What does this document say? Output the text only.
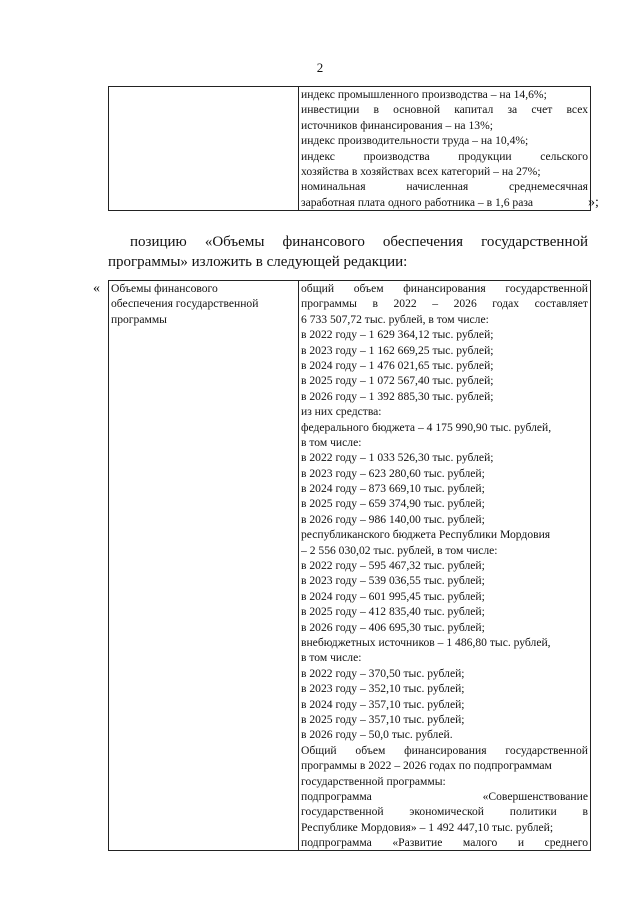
2

индекс промышленного производства – на 14,6%;
инвестиции в основной капитал за счет всех
источников финансирования – на 13%;
индекс производительности труда – на 10,4%;
индекс производства продукции сельского
хозяйства в хозяйствах всех категорий – на 27%;
номинальная начисленная среднемесячная
заработная плата одного работника – в 1,6 раза	»;
позицию «Объемы финансового обеспечения государственной
программы» изложить в следующей редакции:
« Объемы финансового
обеспечения государственной
программы

общий объем финансирования государственной
программы в 2022 – 2026 годах составляет
6 733 507,72 тыс. рублей, в том числе:
в 2022 году – 1 629 364,12 тыс. рублей;
в 2023 году – 1 162 669,25 тыс. рублей;
в 2024 году – 1 476 021,65 тыс. рублей;
в 2025 году – 1 072 567,40 тыс. рублей;
в 2026 году – 1 392 885,30 тыс. рублей;
из них средства:
федерального бюджета – 4 175 990,90 тыс. рублей,
в том числе:
в 2022 году – 1 033 526,30 тыс. рублей;
в 2023 году – 623 280,60 тыс. рублей;
в 2024 году – 873 669,10 тыс. рублей;
в 2025 году – 659 374,90 тыс. рублей;
в 2026 году – 986 140,00 тыс. рублей;
республиканского бюджета Республики Мордовия
– 2 556 030,02 тыс. рублей, в том числе:
в 2022 году – 595 467,32 тыс. рублей;
в 2023 году – 539 036,55 тыс. рублей;
в 2024 году – 601 995,45 тыс. рублей;
в 2025 году – 412 835,40 тыс. рублей;
в 2026 году – 406 695,30 тыс. рублей;
внебюджетных источников – 1 486,80 тыс. рублей,
в том числе:
в 2022 году – 370,50 тыс. рублей;
в 2023 году – 352,10 тыс. рублей;
в 2024 году – 357,10 тыс. рублей;
в 2025 году – 357,10 тыс. рублей;
в 2026 году – 50,0 тыс. рублей.
Общий объем финансирования государственной
программы в 2022 – 2026 годах по подпрограммам
государственной программы:
подпрограмма «Совершенствование
государственной экономической политики в
Республике Мордовия» – 1 492 447,10 тыс. рублей;
подпрограмма «Развитие малого и среднего
